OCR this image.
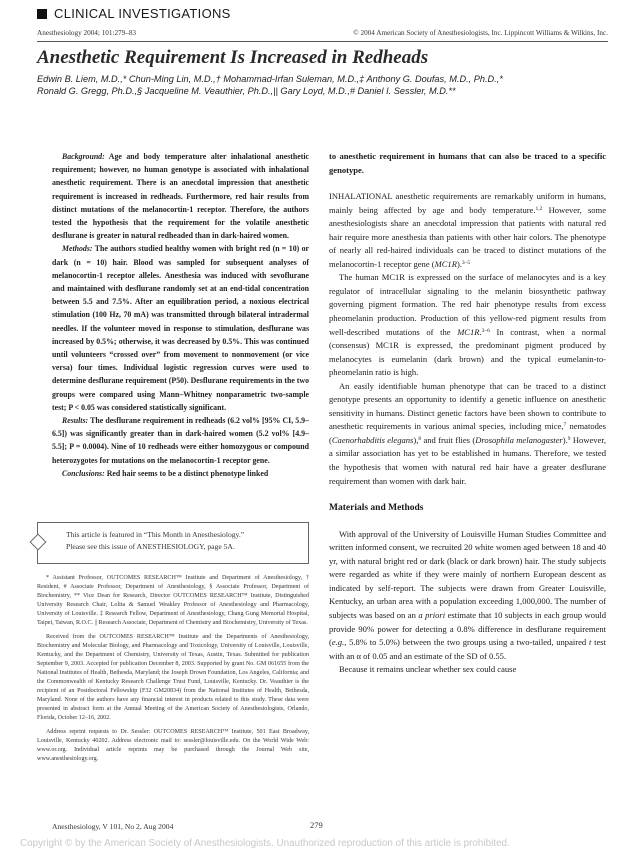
CLINICAL INVESTIGATIONS
Anesthesiology 2004; 101:279–83	© 2004 American Society of Anesthesiologists, Inc. Lippincott Williams & Wilkins, Inc.
Anesthetic Requirement Is Increased in Redheads
Edwin B. Liem, M.D.,* Chun-Ming Lin, M.D.,† Mohammad-Irfan Suleman, M.D.,‡ Anthony G. Doufas, M.D., Ph.D.,*
Ronald G. Gregg, Ph.D.,§ Jacqueline M. Veauthier, Ph.D.,|| Gary Loyd, M.D.,# Daniel I. Sessler, M.D.**

Background: Age and body temperature alter inhalational anesthetic requirement; however, no human genotype is associated with inhalational anesthetic requirement. There is an anecdotal impression that anesthetic requirement is increased in redheads. Furthermore, red hair results from distinct mutations of the melanocortin-1 receptor. Therefore, the authors tested the hypothesis that the requirement for the volatile anesthetic desflurane is greater in natural redheaded than in dark-haired women.

Methods: The authors studied healthy women with bright red (n = 10) or dark (n = 10) hair. Blood was sampled for subsequent analyses of melanocortin-1 receptor alleles. Anesthesia was induced with sevoflurane and maintained with desflurane randomly set at an end-tidal concentration between 5.5 and 7.5%. After an equilibration period, a noxious electrical stimulation (100 Hz, 70 mA) was transmitted through bilateral intradermal needles. If the volunteer moved in response to stimulation, desflurane was increased by 0.5%; otherwise, it was decreased by 0.5%. This was continued until volunteers “crossed over” from movement to nonmovement (or vice versa) four times. Individual logistic regression curves were used to determine desflurane requirement (P50). Desflurane requirements in the two groups were compared using Mann–Whitney nonparametric two-sample test; P < 0.05 was considered statistically significant.

Results: The desflurane requirement in redheads (6.2 vol% [95% CI, 5.9–6.5]) was significantly greater than in dark-haired women (5.2 vol% [4.9–5.5]; P = 0.0004). Nine of 10 redheads were either homozygous or compound heterozygotes for mutations on the melanocortin-1 receptor gene.

Conclusions: Red hair seems to be a distinct phenotype linked

This article is featured in “This Month in Anesthesiology.”
Please see this issue of ANESTHESIOLOGY, page 5A.

* Assistant Professor, OUTCOMES RESEARCH™ Institute and Department of Anesthesiology, † Resident, # Associate Professor, Department of Anesthesiology, § Associate Professor, Department of Biochemistry, ** Vice Dean for Research, Director OUTCOMES RESEARCH™ Institute, Distinguished University Research Chair, Lolita & Samuel Weakley Professor of Anesthesiology and Pharmacology, University of Louisville. ‡ Research Fellow, Department of Anesthesiology, Chang Gung Memorial Hospital, Taipei, Taiwan, R.O.C. || Research Associate, Department of Chemistry and Biochemistry, University of Texas.

Received from the OUTCOMES RESEARCH™ Institute and the Departments of Anesthesiology, Biochemistry and Molecular Biology, and Pharmacology and Toxicology, University of Louisville, Louisville, Kentucky, and the Department of Chemistry, University of Texas, Austin, Texas. Submitted for publication September 9, 2003. Accepted for publication December 8, 2003. Supported by grant No. GM 061655 from the National Institutes of Health, Bethesda, Maryland; the Joseph Drown Foundation, Los Angeles, California; and the Commonwealth of Kentucky Research Challenge Trust Fund, Louisville, Kentucky. Dr. Veauthier is the recipient of an Postdoctoral Fellowship (F32 GM20834) from the National Institutes of Health, Bethesda, Maryland. None of the authors have any financial interest in products related to this study. These data were presented in abstract form at the Annual Meeting of the American Society of Anesthesiologists, Orlando, Florida, October 12–16, 2002.

Address reprint requests to Dr. Sessler: OUTCOMES RESEARCH™ Institute, 501 East Broadway, Louisville, Kentucky 40202. Address electronic mail to: sessler@louisville.edu. On the World Wide Web: www.or.org. Individual article reprints may be purchased through the Journal Web site, www.anesthesiology.org.

to anesthetic requirement in humans that can also be traced to a specific genotype.

INHALATIONAL anesthetic requirements are remarkably uniform in humans, mainly being affected by age and body temperature.$^{1,2}$ However, some anesthesiologists share an anecdotal impression that patients with natural red hair require more anesthesia than patients with other hair colors. The phenotype of nearly all red-haired individuals can be traced to distinct mutations of the melanocortin-1 receptor gene (MC1R).$^{3-5}$

The human MC1R is expressed on the surface of melanocytes and is a key regulator of intracellular signaling to the melanin biosynthetic pathway governing pigment formation. The red hair phenotype results from excess pheomelanin production. Production of this yellow-red pigment results from well-described mutations of the MC1R.$^{3-6}$ In contrast, when a normal (consensus) MC1R is expressed, the predominant pigment produced by melanocytes is eumelanin (dark brown) and the typical eumelanin-to-pheomelanin ratio is high.

An easily identifiable human phenotype that can be traced to a distinct genotype presents an opportunity to identify a genetic influence on anesthetic sensitivity in humans. Distinct genetic factors have been shown to contribute to anesthetic requirements in various animal species, including mice,$^7$ nematodes (Caenorhabditis elegans),$^8$ and fruit flies (Drosophila melanogaster).$^9$ However, a similar association has yet to be established in humans. Therefore, we tested the hypothesis that women with natural red hair have a greater desflurane requirement than women with dark hair.

Materials and Methods

With approval of the University of Louisville Human Studies Committee and written informed consent, we recruited 20 white women aged between 18 and 40 yr, with natural bright red or dark (black or dark brown) hair. The study subjects were regarded as white if they were mainly of northern European descent as indicated by self-report. The subjects were drawn from Greater Louisville, Kentucky, an urban area with a population exceeding 1,000,000. The number of subjects was based on an a priori estimate that 10 subjects in each group would provide 90% power for detecting a 0.8% difference in desflurane requirement (e.g., 5.8% to 5.0%) between the two groups using a two-tailed, unpaired t test with an α of 0.05 and an estimate of the SD of 0.55.

Because it remains unclear whether sex could cause

Anesthesiology, V 101, No 2, Aug 2004	279
Copyright © by the American Society of Anesthesiologists. Unauthorized reproduction of this article is prohibited.
